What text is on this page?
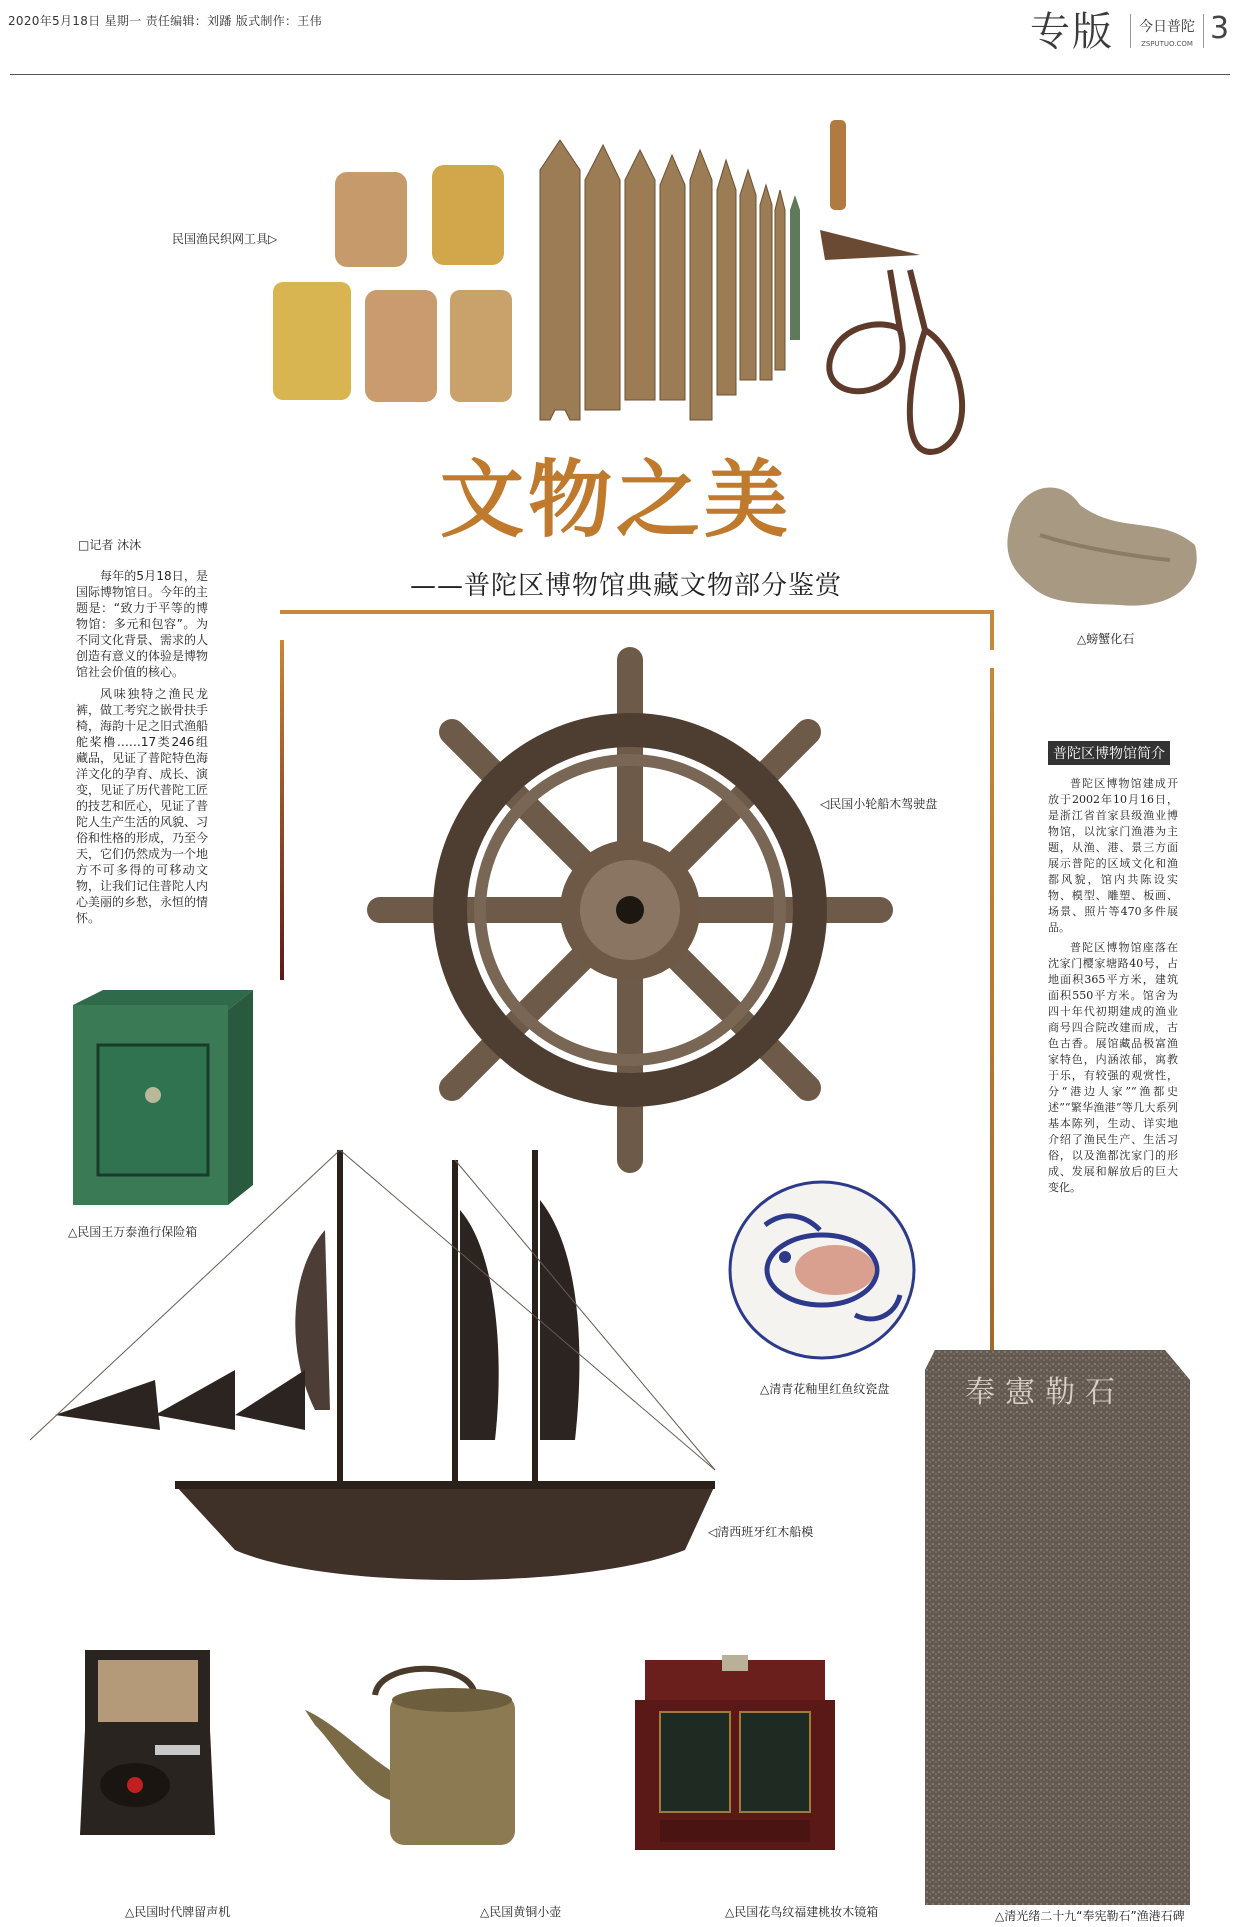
2020年5月18日 星期一 责任编辑：刘蹯 版式制作：王伟	专版	今日普陀
ZSPUTUO.COM 3
民国渔民织网工具▷
△螃蟹化石
文物之美
——普陀区博物馆典藏文物部分鉴赏
□记者 沐沐

每年的5月18日，是国际博物馆日。今年的主题是：“致力于平等的博物馆：多元和包容”。为不同文化背景、需求的人创造有意义的体验是博物馆社会价值的核心。

风味独特之渔民龙裤，做工考究之嵌骨扶手椅，海韵十足之旧式渔船舵桨橹……17类246组藏品，见证了普陀特色海洋文化的孕育、成长、演变，见证了历代普陀工匠的技艺和匠心，见证了普陀人生产生活的风貌、习俗和性格的形成，乃至今天，它们仍然成为一个地方不可多得的可移动文物，让我们记住普陀人内心美丽的乡愁，永恒的情怀。

◁民国小轮船木驾驶盘
普陀区博物馆简介

普陀区博物馆建成开放于2002年10月16日，是浙江省首家县级渔业博物馆，以沈家门渔港为主题，从渔、港、景三方面展示普陀的区域文化和渔都风貌，馆内共陈设实物、模型、雕塑、板画、场景、照片等470多件展品。

普陀区博物馆座落在沈家门樱家塘路40号，占地面积365平方米，建筑面积550平方米。馆舍为四十年代初期建成的渔业商号四合院改建而成，古色古香。展馆藏品极富渔家特色，内涵浓郁，寓教于乐，有较强的观赏性，分“港边人家”“渔都史述”“繁华渔港”等几大系列基本陈列，生动、详实地介绍了渔民生产、生活习俗，以及渔都沈家门的形成、发展和解放后的巨大变化。

△民国王万泰渔行保险箱
△清青花釉里红鱼纹瓷盘
◁清西班牙红木船模
奉憲勒石
△清光绪二十九“奉宪勒石”渔港石碑
△民国时代牌留声机	△民国黄铜小壶	△民国花鸟纹福建桃妆木镜箱
